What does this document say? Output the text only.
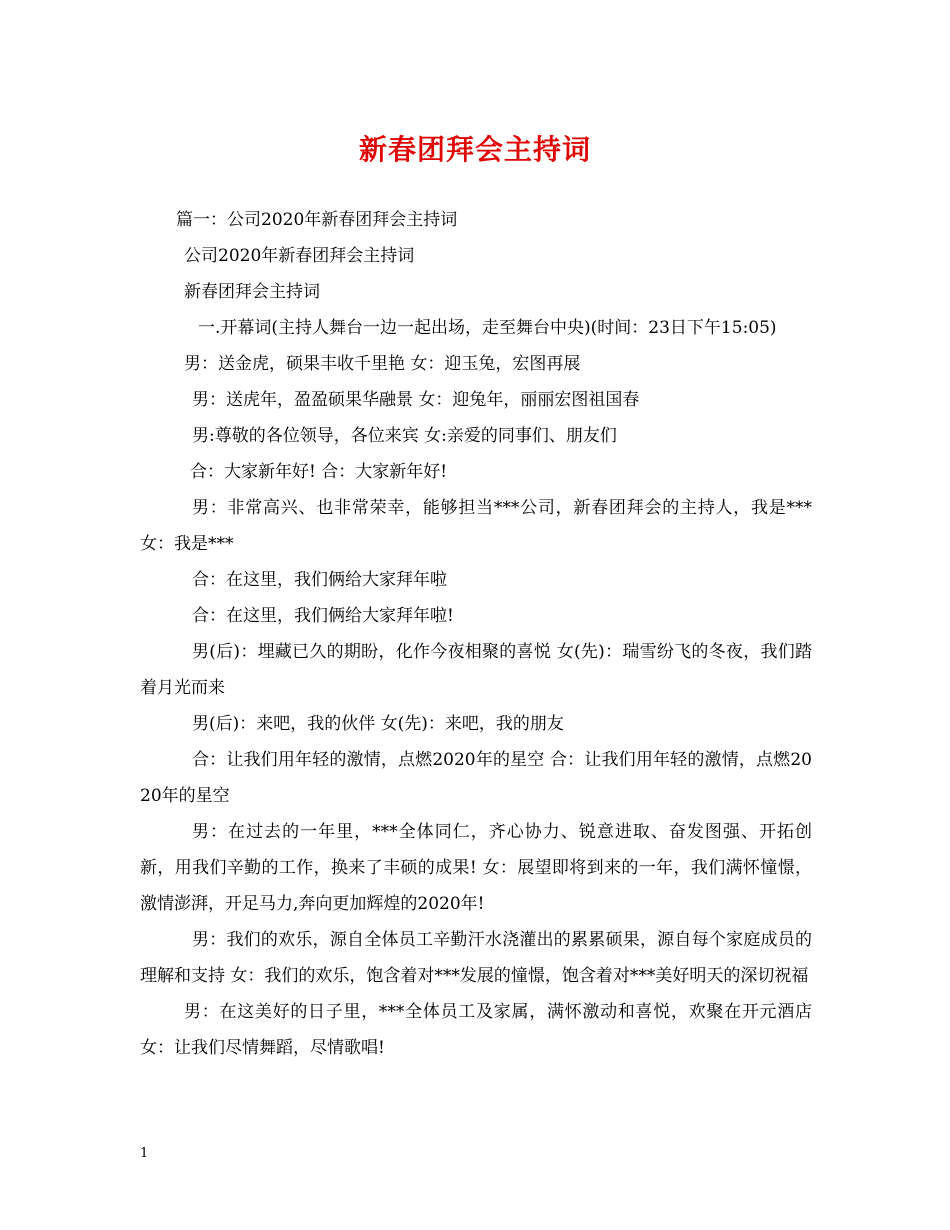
新春团拜会主持词

篇一：公司2020年新春团拜会主持词

公司2020年新春团拜会主持词

新春团拜会主持词

一.开幕词(主持人舞台一边一起出场，走至舞台中央)(时间：23日下午15:05)

男：送金虎，硕果丰收千里艳 女：迎玉兔，宏图再展

男：送虎年，盈盈硕果华融景 女：迎兔年，丽丽宏图祖国春

男:尊敬的各位领导，各位来宾 女:亲爱的同事们、朋友们

合：大家新年好! 合：大家新年好!

男：非常高兴、也非常荣幸，能够担当***公司，新春团拜会的主持人，我是*** 女：我是***

合：在这里，我们俩给大家拜年啦

合：在这里，我们俩给大家拜年啦!

男(后)：埋藏已久的期盼，化作今夜相聚的喜悦 女(先)：瑞雪纷飞的冬夜，我们踏着月光而来

男(后)：来吧，我的伙伴 女(先)：来吧，我的朋友

合：让我们用年轻的激情，点燃2020年的星空 合：让我们用年轻的激情，点燃2020年的星空

男：在过去的一年里，***全体同仁，齐心协力、锐意进取、奋发图强、开拓创新，用我们辛勤的工作，换来了丰硕的成果! 女：展望即将到来的一年，我们满怀憧憬，激情澎湃，开足马力,奔向更加辉煌的2020年!

男：我们的欢乐，源自全体员工辛勤汗水浇灌出的累累硕果，源自每个家庭成员的理解和支持 女：我们的欢乐，饱含着对***发展的憧憬，饱含着对***美好明天的深切祝福

男：在这美好的日子里，***全体员工及家属，满怀激动和喜悦，欢聚在开元酒店 女：让我们尽情舞蹈，尽情歌唱!

1
